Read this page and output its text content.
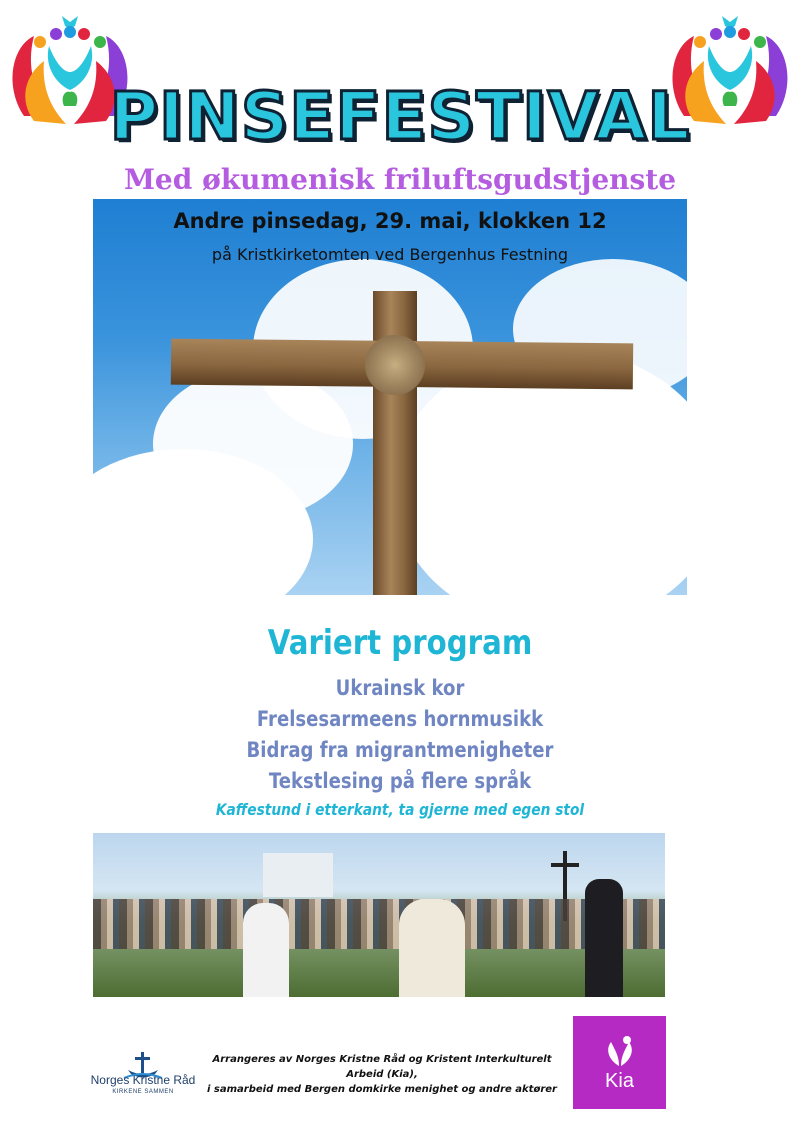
PINSEFESTIVAL
Med økumenisk friluftsgudstjenste
Andre pinsedag, 29. mai, klokken 12
på Kristkirketomten ved Bergenhus Festning
Variert program
Ukrainsk kor
Frelsesarmeens hornmusikk
Bidrag fra migrantmenigheter
Tekstlesing på flere språk
Kaffestund i etterkant, ta gjerne med egen stol
Norges Kristne Råd
KIRKENE SAMMEN
Arrangeres av Norges Kristne Råd og Kristent Interkulturelt Arbeid (Kia),
i samarbeid med Bergen domkirke menighet og andre aktører	Kia
